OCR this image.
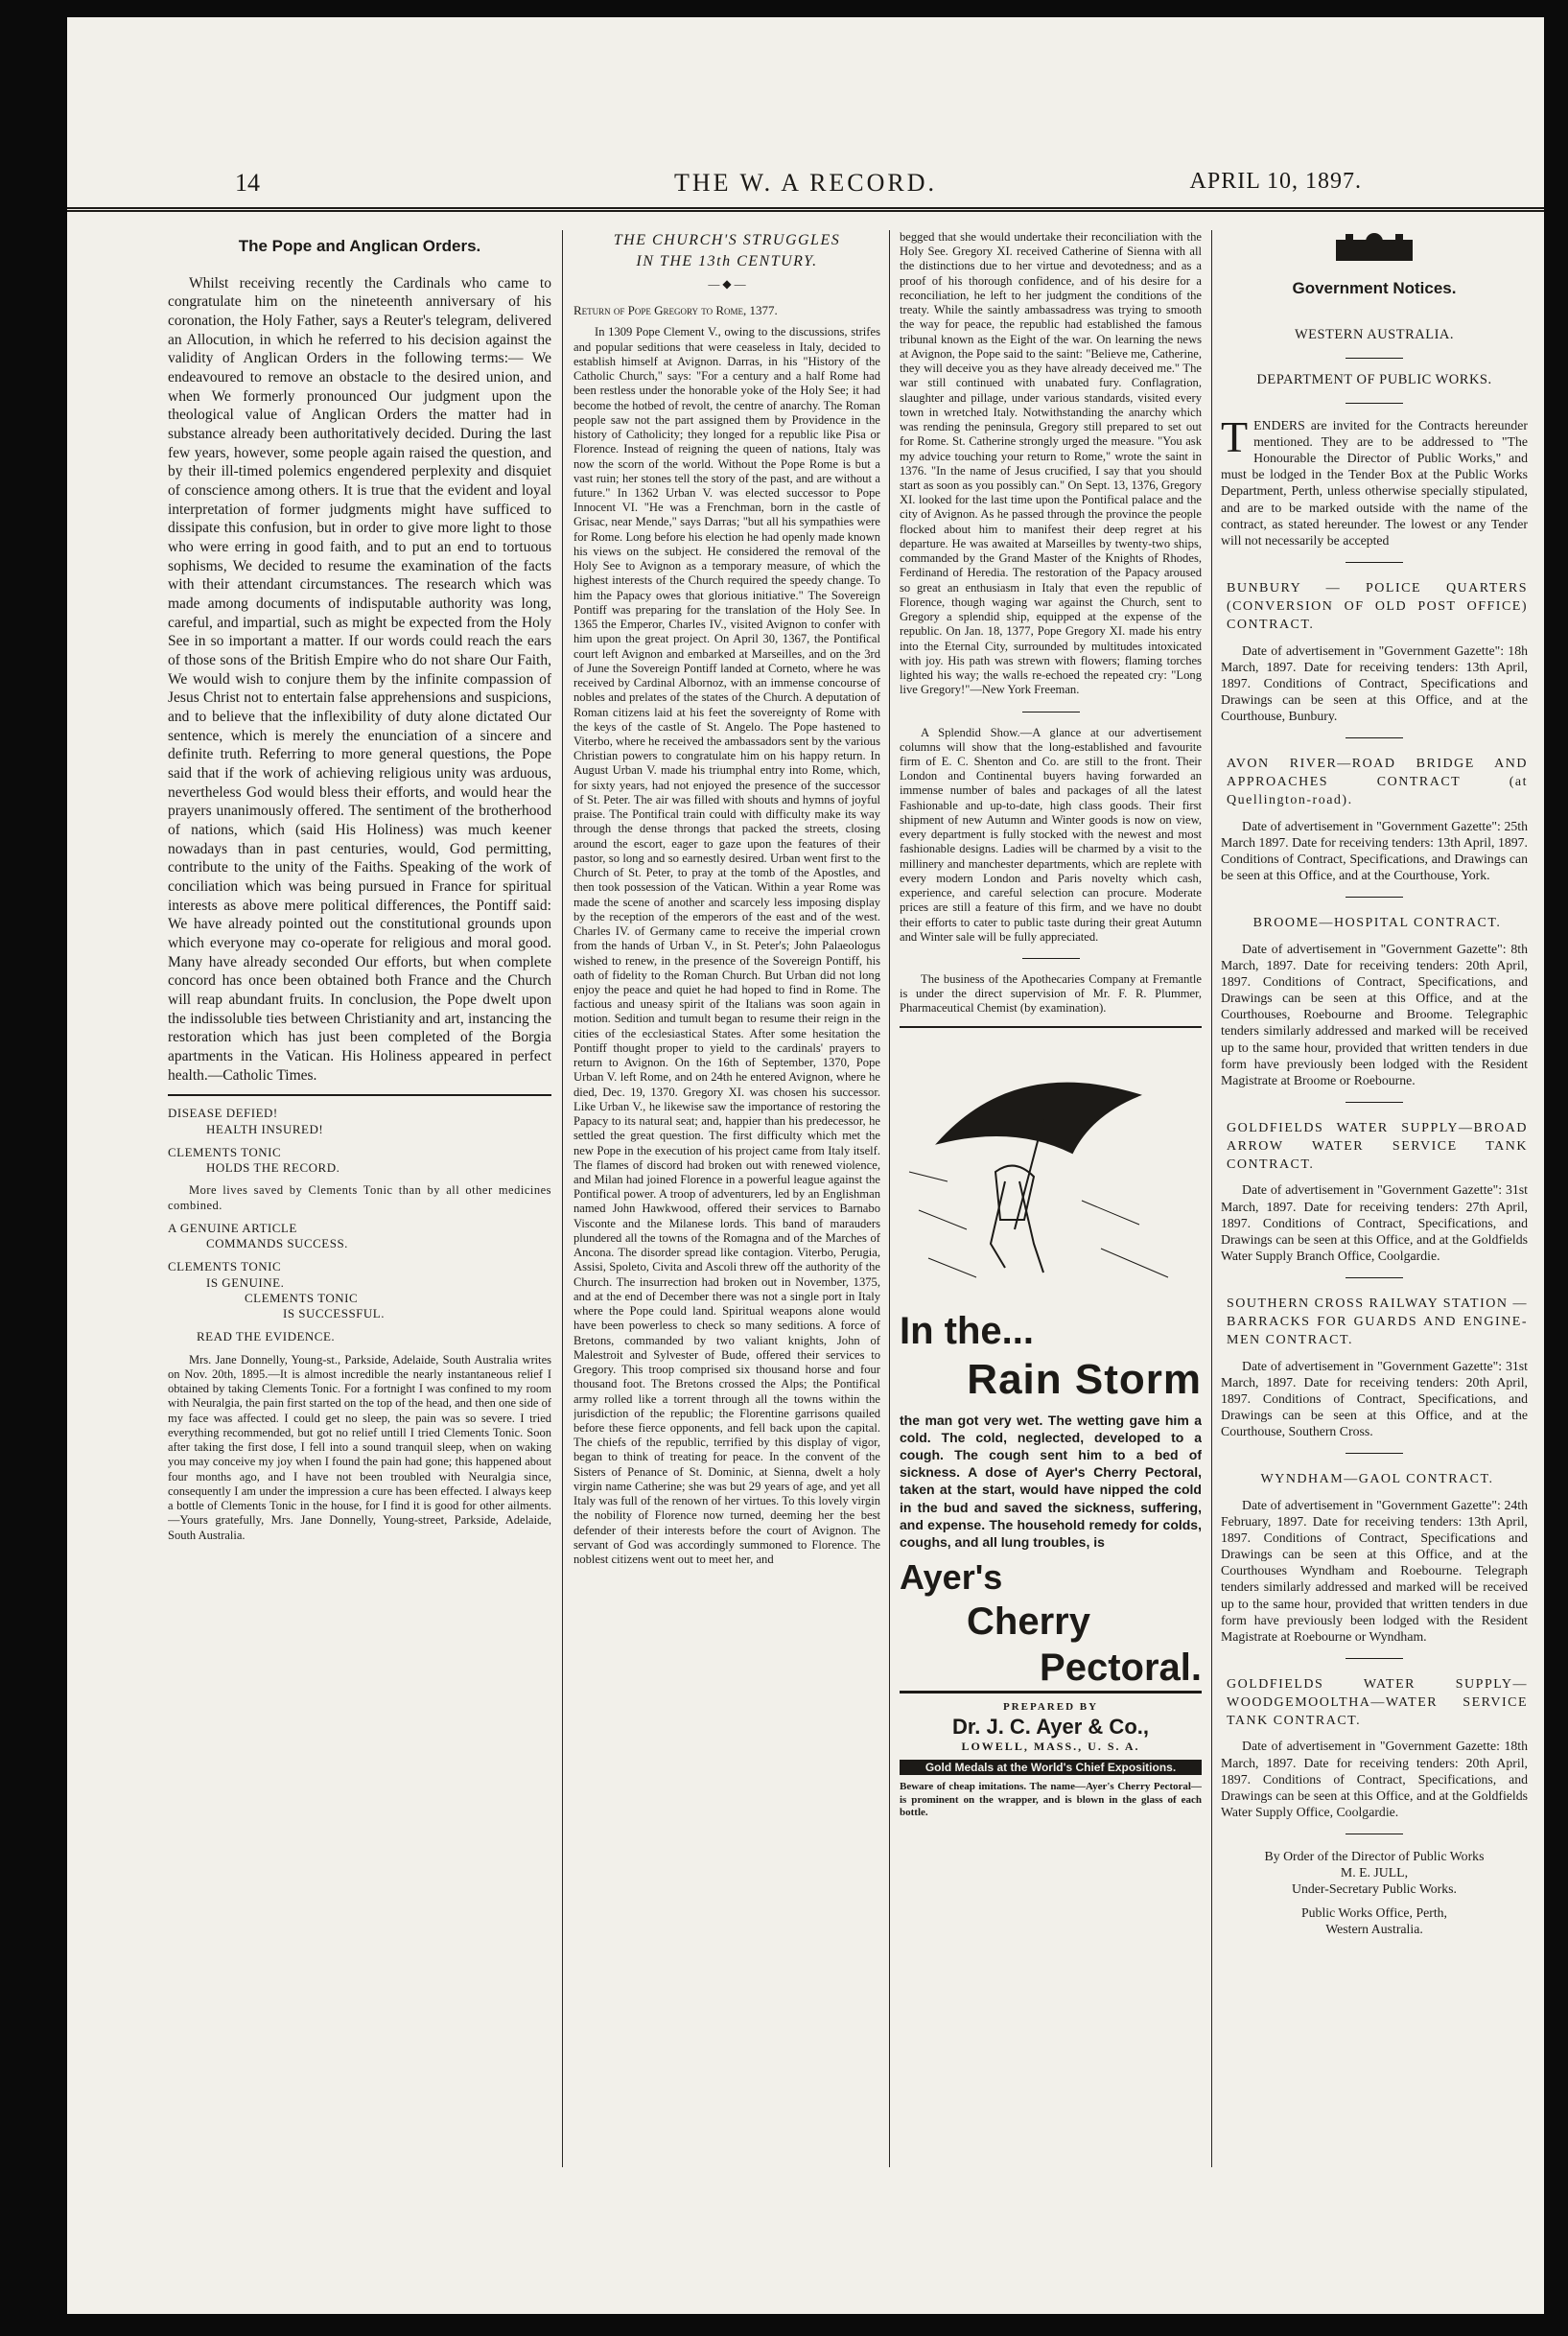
14	THE W. A RECORD.	APRIL 10, 1897.
The Pope and Anglican Orders.

Whilst receiving recently the Cardinals who came to congratulate him on the nineteenth anniversary of his coronation, the Holy Father, says a Reuter's telegram, delivered an Allocution, in which he referred to his decision against the validity of Anglican Orders in the following terms:— We endeavoured to remove an obstacle to the desired union, and when We formerly pronounced Our judgment upon the theological value of Anglican Orders the matter had in substance already been authoritatively decided. During the last few years, however, some people again raised the question, and by their ill-timed polemics engendered perplexity and disquiet of conscience among others. It is true that the evident and loyal interpretation of former judgments might have sufficed to dissipate this confusion, but in order to give more light to those who were erring in good faith, and to put an end to tortuous sophisms, We decided to resume the examination of the facts with their attendant circumstances. The research which was made among documents of indisputable authority was long, careful, and impartial, such as might be expected from the Holy See in so important a matter. If our words could reach the ears of those sons of the British Empire who do not share Our Faith, We would wish to conjure them by the infinite compassion of Jesus Christ not to entertain false apprehensions and suspicions, and to believe that the inflexibility of duty alone dictated Our sentence, which is merely the enunciation of a sincere and definite truth. Referring to more general questions, the Pope said that if the work of achieving religious unity was arduous, nevertheless God would bless their efforts, and would hear the prayers unanimously offered. The sentiment of the brotherhood of nations, which (said His Holiness) was much keener nowadays than in past centuries, would, God permitting, contribute to the unity of the Faiths. Speaking of the work of conciliation which was being pursued in France for spiritual interests as above mere political differences, the Pontiff said: We have already pointed out the constitutional grounds upon which everyone may co-operate for religious and moral good. Many have already seconded Our efforts, but when complete concord has once been obtained both France and the Church will reap abundant fruits. In conclusion, the Pope dwelt upon the indissoluble ties between Christianity and art, instancing the restoration which has just been completed of the Borgia apartments in the Vatican. His Holiness appeared in perfect health.—Catholic Times.

DISEASE DEFIED!
HEALTH INSURED!
CLEMENTS TONIC
HOLDS THE RECORD.

More lives saved by Clements Tonic than by all other medicines combined.

A GENUINE ARTICLE
COMMANDS SUCCESS.
CLEMENTS TONIC
IS GENUINE.
CLEMENTS TONIC
IS SUCCESSFUL.
READ THE EVIDENCE.

Mrs. Jane Donnelly, Young-st., Parkside, Adelaide, South Australia writes on Nov. 20th, 1895.—It is almost incredible the nearly instantaneous relief I obtained by taking Clements Tonic. For a fortnight I was confined to my room with Neuralgia, the pain first started on the top of the head, and then one side of my face was affected. I could get no sleep, the pain was so severe. I tried everything recommended, but got no relief untill I tried Clements Tonic. Soon after taking the first dose, I fell into a sound tranquil sleep, when on waking you may conceive my joy when I found the pain had gone; this happened about four months ago, and I have not been troubled with Neuralgia since, consequently I am under the impression a cure has been effected. I always keep a bottle of Clements Tonic in the house, for I find it is good for other ailments.—Yours gratefully, Mrs. Jane Donnelly, Young-street, Parkside, Adelaide, South Australia.

THE CHURCH'S STRUGGLES
IN THE 13th CENTURY.
— ◆ —
Return of Pope Gregory to Rome, 1377.

In 1309 Pope Clement V., owing to the discussions, strifes and popular seditions that were ceaseless in Italy, decided to establish himself at Avignon. Darras, in his "History of the Catholic Church," says: "For a century and a half Rome had been restless under the honorable yoke of the Holy See; it had become the hotbed of revolt, the centre of anarchy. The Roman people saw not the part assigned them by Providence in the history of Catholicity; they longed for a republic like Pisa or Florence. Instead of reigning the queen of nations, Italy was now the scorn of the world. Without the Pope Rome is but a vast ruin; her stones tell the story of the past, and are without a future." In 1362 Urban V. was elected successor to Pope Innocent VI. "He was a Frenchman, born in the castle of Grisac, near Mende," says Darras; "but all his sympathies were for Rome. Long before his election he had openly made known his views on the subject. He considered the removal of the Holy See to Avignon as a temporary measure, of which the highest interests of the Church required the speedy change. To him the Papacy owes that glorious initiative." The Sovereign Pontiff was preparing for the translation of the Holy See. In 1365 the Emperor, Charles IV., visited Avignon to confer with him upon the great project. On April 30, 1367, the Pontifical court left Avignon and embarked at Marseilles, and on the 3rd of June the Sovereign Pontiff landed at Corneto, where he was received by Cardinal Albornoz, with an immense concourse of nobles and prelates of the states of the Church. A deputation of Roman citizens laid at his feet the sovereignty of Rome with the keys of the castle of St. Angelo. The Pope hastened to Viterbo, where he received the ambassadors sent by the various Christian powers to congratulate him on his happy return. In August Urban V. made his triumphal entry into Rome, which, for sixty years, had not enjoyed the presence of the successor of St. Peter. The air was filled with shouts and hymns of joyful praise. The Pontifical train could with difficulty make its way through the dense throngs that packed the streets, closing around the escort, eager to gaze upon the features of their pastor, so long and so earnestly desired. Urban went first to the Church of St. Peter, to pray at the tomb of the Apostles, and then took possession of the Vatican. Within a year Rome was made the scene of another and scarcely less imposing display by the reception of the emperors of the east and of the west. Charles IV. of Germany came to receive the imperial crown from the hands of Urban V., in St. Peter's; John Palaeologus wished to renew, in the presence of the Sovereign Pontiff, his oath of fidelity to the Roman Church. But Urban did not long enjoy the peace and quiet he had hoped to find in Rome. The factious and uneasy spirit of the Italians was soon again in motion. Sedition and tumult began to resume their reign in the cities of the ecclesiastical States. After some hesitation the Pontiff thought proper to yield to the cardinals' prayers to return to Avignon. On the 16th of September, 1370, Pope Urban V. left Rome, and on 24th he entered Avignon, where he died, Dec. 19, 1370. Gregory XI. was chosen his successor. Like Urban V., he likewise saw the importance of restoring the Papacy to its natural seat; and, happier than his predecessor, he settled the great question. The first difficulty which met the new Pope in the execution of his project came from Italy itself. The flames of discord had broken out with renewed violence, and Milan had joined Florence in a powerful league against the Pontifical power. A troop of adventurers, led by an Englishman named John Hawkwood, offered their services to Barnabo Visconte and the Milanese lords. This band of marauders plundered all the towns of the Romagna and of the Marches of Ancona. The disorder spread like contagion. Viterbo, Perugia, Assisi, Spoleto, Civita and Ascoli threw off the authority of the Church. The insurrection had broken out in November, 1375, and at the end of December there was not a single port in Italy where the Pope could land. Spiritual weapons alone would have been powerless to check so many seditions. A force of Bretons, commanded by two valiant knights, John of Malestroit and Sylvester of Bude, offered their services to Gregory. This troop comprised six thousand horse and four thousand foot. The Bretons crossed the Alps; the Pontifical army rolled like a torrent through all the towns within the jurisdiction of the republic; the Florentine garrisons quailed before these fierce opponents, and fell back upon the capital. The chiefs of the republic, terrified by this display of vigor, began to think of treating for peace. In the convent of the Sisters of Penance of St. Dominic, at Sienna, dwelt a holy virgin name Catherine; she was but 29 years of age, and yet all Italy was full of the renown of her virtues. To this lovely virgin the nobility of Florence now turned, deeming her the best defender of their interests before the court of Avignon. The servant of God was accordingly summoned to Florence. The noblest citizens went out to meet her, and

begged that she would undertake their reconciliation with the Holy See. Gregory XI. received Catherine of Sienna with all the distinctions due to her virtue and devotedness; and as a proof of his thorough confidence, and of his desire for a reconciliation, he left to her judgment the conditions of the treaty. While the saintly ambassadress was trying to smooth the way for peace, the republic had established the famous tribunal known as the Eight of the war. On learning the news at Avignon, the Pope said to the saint: "Believe me, Catherine, they will deceive you as they have already deceived me." The war still continued with unabated fury. Conflagration, slaughter and pillage, under various standards, visited every town in wretched Italy. Notwithstanding the anarchy which was rending the peninsula, Gregory still prepared to set out for Rome. St. Catherine strongly urged the measure. "You ask my advice touching your return to Rome," wrote the saint in 1376. "In the name of Jesus crucified, I say that you should start as soon as you possibly can." On Sept. 13, 1376, Gregory XI. looked for the last time upon the Pontifical palace and the city of Avignon. As he passed through the province the people flocked about him to manifest their deep regret at his departure. He was awaited at Marseilles by twenty-two ships, commanded by the Grand Master of the Knights of Rhodes, Ferdinand of Heredia. The restoration of the Papacy aroused so great an enthusiasm in Italy that even the republic of Florence, though waging war against the Church, sent to Gregory a splendid ship, equipped at the expense of the republic. On Jan. 18, 1377, Pope Gregory XI. made his entry into the Eternal City, surrounded by multitudes intoxicated with joy. His path was strewn with flowers; flaming torches lighted his way; the walls re-echoed the repeated cry: "Long live Gregory!"—New York Freeman.

A Splendid Show.—A glance at our advertisement columns will show that the long-established and favourite firm of E. C. Shenton and Co. are still to the front. Their London and Continental buyers having forwarded an immense number of bales and packages of all the latest Fashionable and up-to-date, high class goods. Their first shipment of new Autumn and Winter goods is now on view, every department is fully stocked with the newest and most fashionable designs. Ladies will be charmed by a visit to the millinery and manchester departments, which are replete with every modern London and Paris novelty which cash, experience, and careful selection can procure. Moderate prices are still a feature of this firm, and we have no doubt their efforts to cater to public taste during their great Autumn and Winter sale will be fully appreciated.

The business of the Apothecaries Company at Fremantle is under the direct supervision of Mr. F. R. Plummer, Pharmaceutical Chemist (by examination).

In the...
Rain Storm
the man got very wet. The wetting gave him a cold. The cold, neglected, developed to a cough. The cough sent him to a bed of sickness. A dose of Ayer's Cherry Pectoral, taken at the start, would have nipped the cold in the bud and saved the sickness, suffering, and expense. The household remedy for colds, coughs, and all lung troubles, is
Ayer's
Cherry
Pectoral.
PREPARED BY
Dr. J. C. Ayer & Co.,
LOWELL, MASS., U. S. A.
Gold Medals at the World's Chief Expositions.
Beware of cheap imitations. The name—Ayer's Cherry Pectoral—is prominent on the wrapper, and is blown in the glass of each bottle.
Government Notices.
WESTERN AUSTRALIA.
DEPARTMENT OF PUBLIC WORKS.

TENDERS are invited for the Contracts hereunder mentioned. They are to be addressed to "The Honourable the Director of Public Works," and must be lodged in the Tender Box at the Public Works Department, Perth, unless otherwise specially stipulated, and are to be marked outside with the name of the contract, as stated hereunder. The lowest or any Tender will not necessarily be accepted

BUNBURY — POLICE QUARTERS (CONVERSION OF OLD POST OFFICE) CONTRACT.

Date of advertisement in "Government Gazette": 18h March, 1897. Date for receiving tenders: 13th April, 1897. Conditions of Contract, Specifications and Drawings can be seen at this Office, and at the Courthouse, Bunbury.

AVON RIVER—ROAD BRIDGE AND APPROACHES CONTRACT (at Quellington-road).

Date of advertisement in "Government Gazette": 25th March 1897. Date for receiving tenders: 13th April, 1897. Conditions of Contract, Specifications, and Drawings can be seen at this Office, and at the Courthouse, York.

BROOME—HOSPITAL CONTRACT.

Date of advertisement in "Government Gazette": 8th March, 1897. Date for receiving tenders: 20th April, 1897. Conditions of Contract, Specifications, and Drawings can be seen at this Office, and at the Courthouses, Roebourne and Broome. Telegraphic tenders similarly addressed and marked will be received up to the same hour, provided that written tenders in due form have previously been lodged with the Resident Magistrate at Broome or Roebourne.

GOLDFIELDS WATER SUPPLY—BROAD ARROW WATER SERVICE TANK CONTRACT.

Date of advertisement in "Government Gazette": 31st March, 1897. Date for receiving tenders: 27th April, 1897. Conditions of Contract, Specifications, and Drawings can be seen at this Office, and at the Goldfields Water Supply Branch Office, Coolgardie.

SOUTHERN CROSS RAILWAY STATION — BARRACKS FOR GUARDS AND ENGINE-MEN CONTRACT.

Date of advertisement in "Government Gazette": 31st March, 1897. Date for receiving tenders: 20th April, 1897. Conditions of Contract, Specifications, and Drawings can be seen at this Office, and at the Courthouse, Southern Cross.

WYNDHAM—GAOL CONTRACT.

Date of advertisement in "Government Gazette": 24th February, 1897. Date for receiving tenders: 13th April, 1897. Conditions of Contract, Specifications and Drawings can be seen at this Office, and at the Courthouses Wyndham and Roebourne. Telegraph tenders similarly addressed and marked will be received up to the same hour, provided that written tenders in due form have previously been lodged with the Resident Magistrate at Roebourne or Wyndham.

GOLDFIELDS WATER SUPPLY—WOODGEMOOLTHA—WATER SERVICE TANK CONTRACT.

Date of advertisement in "Government Gazette: 18th March, 1897. Date for receiving tenders: 20th April, 1897. Conditions of Contract, Specifications, and Drawings can be seen at this Office, and at the Goldfields Water Supply Office, Coolgardie.

By Order of the Director of Public Works
M. E. JULL,
Under-Secretary Public Works.
Public Works Office, Perth,
Western Australia.
